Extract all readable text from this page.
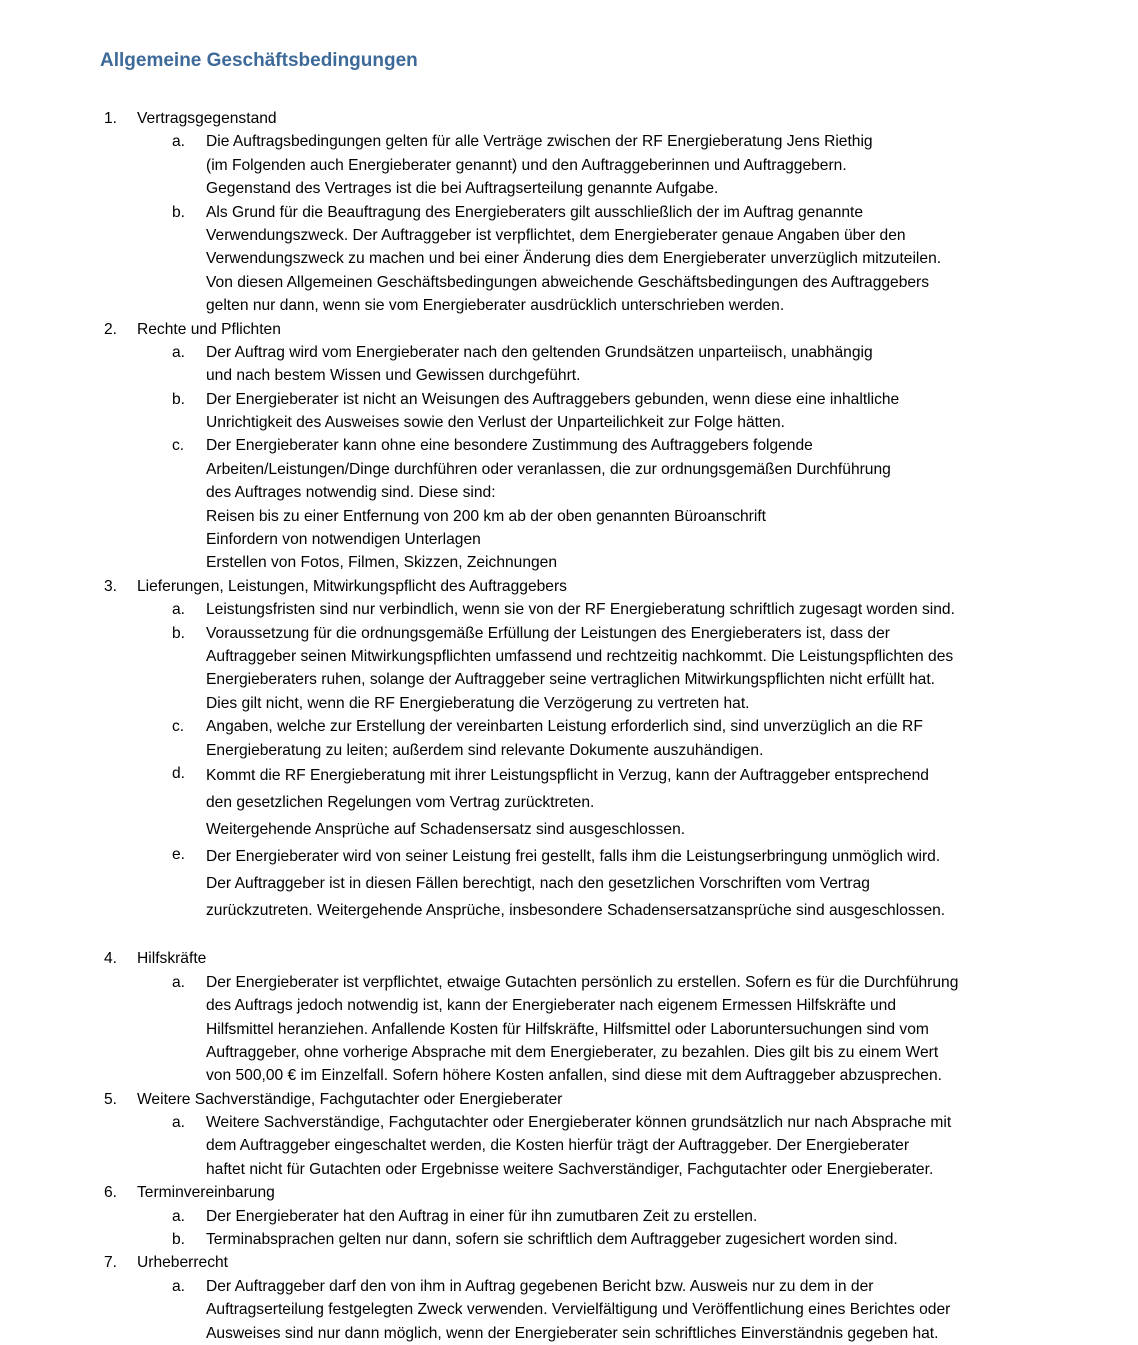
Allgemeine Geschäftsbedingungen
1. Vertragsgegenstand
a. Die Auftragsbedingungen gelten für alle Verträge zwischen der RF Energieberatung Jens Riethig
(im Folgenden auch Energieberater genannt) und den Auftraggeberinnen und Auftraggebern.
Gegenstand des Vertrages ist die bei Auftragserteilung genannte Aufgabe.
b. Als Grund für die Beauftragung des Energieberaters gilt ausschließlich der im Auftrag genannte
Verwendungszweck. Der Auftraggeber ist verpflichtet, dem Energieberater genaue Angaben über den
Verwendungszweck zu machen und bei einer Änderung dies dem Energieberater unverzüglich mitzuteilen.
Von diesen Allgemeinen Geschäftsbedingungen abweichende Geschäftsbedingungen des Auftraggebers
gelten nur dann, wenn sie vom Energieberater ausdrücklich unterschrieben werden.
2. Rechte und Pflichten
a. Der Auftrag wird vom Energieberater nach den geltenden Grundsätzen unparteiisch, unabhängig
und nach bestem Wissen und Gewissen durchgeführt.
b. Der Energieberater ist nicht an Weisungen des Auftraggebers gebunden, wenn diese eine inhaltliche
Unrichtigkeit des Ausweises sowie den Verlust der Unparteilichkeit zur Folge hätten.
c. Der Energieberater kann ohne eine besondere Zustimmung des Auftraggebers folgende
Arbeiten/Leistungen/Dinge durchführen oder veranlassen, die zur ordnungsgemäßen Durchführung
des Auftrages notwendig sind. Diese sind:
Reisen bis zu einer Entfernung von 200 km ab der oben genannten Büroanschrift
Einfordern von notwendigen Unterlagen
Erstellen von Fotos, Filmen, Skizzen, Zeichnungen
3. Lieferungen, Leistungen, Mitwirkungspflicht des Auftraggebers
a. Leistungsfristen sind nur verbindlich, wenn sie von der RF Energieberatung schriftlich zugesagt worden sind.
b. Voraussetzung für die ordnungsgemäße Erfüllung der Leistungen des Energieberaters ist, dass der
Auftraggeber seinen Mitwirkungspflichten umfassend und rechtzeitig nachkommt. Die Leistungspflichten des
Energieberaters ruhen, solange der Auftraggeber seine vertraglichen Mitwirkungspflichten nicht erfüllt hat.
Dies gilt nicht, wenn die RF Energieberatung die Verzögerung zu vertreten hat.
c. Angaben, welche zur Erstellung der vereinbarten Leistung erforderlich sind, sind unverzüglich an die RF
Energieberatung zu leiten; außerdem sind relevante Dokumente auszuhändigen.
d. Kommt die RF Energieberatung mit ihrer Leistungspflicht in Verzug, kann der Auftraggeber entsprechend
den gesetzlichen Regelungen vom Vertrag zurücktreten.
Weitergehende Ansprüche auf Schadensersatz sind ausgeschlossen.
e. Der Energieberater wird von seiner Leistung frei gestellt, falls ihm die Leistungserbringung unmöglich wird.
Der Auftraggeber ist in diesen Fällen berechtigt, nach den gesetzlichen Vorschriften vom Vertrag
zurückzutreten. Weitergehende Ansprüche, insbesondere Schadensersatzansprüche sind ausgeschlossen.
4. Hilfskräfte
a. Der Energieberater ist verpflichtet, etwaige Gutachten persönlich zu erstellen. Sofern es für die Durchführung
des Auftrags jedoch notwendig ist, kann der Energieberater nach eigenem Ermessen Hilfskräfte und
Hilfsmittel heranziehen. Anfallende Kosten für Hilfskräfte, Hilfsmittel oder Laboruntersuchungen sind vom
Auftraggeber, ohne vorherige Absprache mit dem Energieberater, zu bezahlen. Dies gilt bis zu einem Wert
von 500,00 € im Einzelfall. Sofern höhere Kosten anfallen, sind diese mit dem Auftraggeber abzusprechen.
5. Weitere Sachverständige, Fachgutachter oder Energieberater
a. Weitere Sachverständige, Fachgutachter oder Energieberater können grundsätzlich nur nach Absprache mit
dem Auftraggeber eingeschaltet werden, die Kosten hierfür trägt der Auftraggeber. Der Energieberater
haftet nicht für Gutachten oder Ergebnisse weitere Sachverständiger, Fachgutachter oder Energieberater.
6. Terminvereinbarung
a. Der Energieberater hat den Auftrag in einer für ihn zumutbaren Zeit zu erstellen.
b. Terminabsprachen gelten nur dann, sofern sie schriftlich dem Auftraggeber zugesichert worden sind.
7. Urheberrecht
a. Der Auftraggeber darf den von ihm in Auftrag gegebenen Bericht bzw. Ausweis nur zu dem in der
Auftragserteilung festgelegten Zweck verwenden. Vervielfältigung und Veröffentlichung eines Berichtes oder
Ausweises sind nur dann möglich, wenn der Energieberater sein schriftliches Einverständnis gegeben hat.
